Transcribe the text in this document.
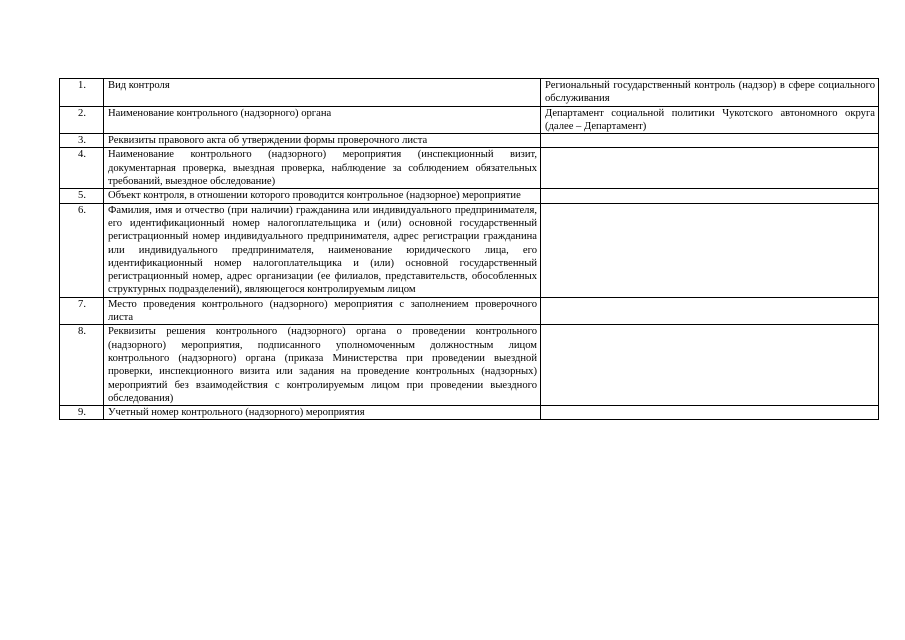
1.	Вид контроля	Региональный государственный контроль (надзор) в сфере социального обслуживания
2.	Наименование контрольного (надзорного) органа	Департамент социальной политики Чукотского автономного округа (далее – Департамент)
3.	Реквизиты правового акта об утверждении формы проверочного листа	
4.	Наименование контрольного (надзорного) мероприятия (инспекционный визит, документарная проверка, выездная проверка, наблюдение за соблюдением обязательных требований, выездное обследование)	
5.	Объект контроля, в отношении которого проводится контрольное (надзорное) мероприятие	
6.	Фамилия, имя и отчество (при наличии) гражданина или индивидуального предпринимателя, его идентификационный номер налогоплательщика и (или) основной государственный регистрационный номер индивидуального предпринимателя, адрес регистрации гражданина или индивидуального предпринимателя, наименование юридического лица, его идентификационный номер налогоплательщика и (или) основной государственный регистрационный номер, адрес организации (ее филиалов, представительств, обособленных структурных подразделений), являющегося контролируемым лицом	
7.	Место проведения контрольного (надзорного) мероприятия с заполнением проверочного листа	
8.	Реквизиты решения контрольного (надзорного) органа о проведении контрольного (надзорного) мероприятия, подписанного уполномоченным должностным лицом контрольного (надзорного) органа (приказа Министерства при проведении выездной проверки, инспекционного визита или задания на проведение контрольных (надзорных) мероприятий без взаимодействия с контролируемым лицом при проведении выездного обследования)	
9.	Учетный номер контрольного (надзорного) мероприятия	
